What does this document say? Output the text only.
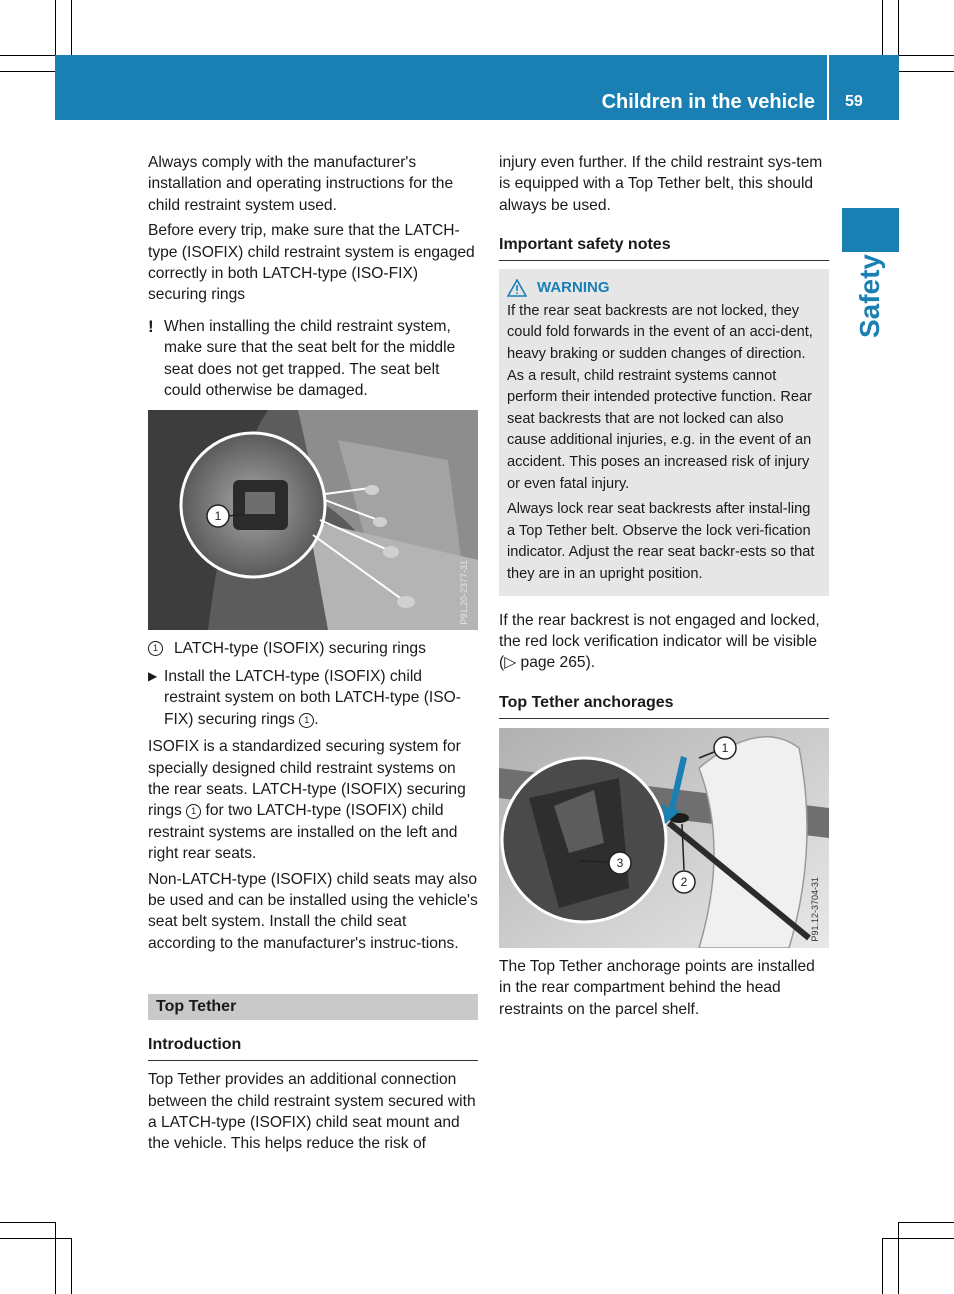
Children in the vehicle 59
Safety

Always comply with the manufacturer's installation and operating instructions for the child restraint system used.

Before every trip, make sure that the LATCH-type (ISOFIX) child restraint system is engaged correctly in both LATCH-type (ISO-FIX) securing rings

! When installing the child restraint system, make sure that the seat belt for the middle seat does not get trapped. The seat belt could otherwise be damaged.
1
P91.20-2377-31
1	LATCH-type (ISOFIX) securing rings
▶ Install the LATCH-type (ISOFIX) child restraint system on both LATCH-type (ISO-FIX) securing rings 1 .

ISOFIX is a standardized securing system for specially designed child restraint systems on the rear seats. LATCH-type (ISOFIX) securing rings 1 for two LATCH-type (ISOFIX) child restraint systems are installed on the left and right rear seats.

Non-LATCH-type (ISOFIX) child seats may also be used and can be installed using the vehicle's seat belt system. Install the child seat according to the manufacturer's instruc-tions.

Top Tether
Introduction

Top Tether provides an additional connection between the child restraint system secured with a LATCH-type (ISOFIX) child seat mount and the vehicle. This helps reduce the risk of

injury even further. If the child restraint sys-tem is equipped with a Top Tether belt, this should always be used.

Important safety notes
WARNING

If the rear seat backrests are not locked, they could fold forwards in the event of an acci-dent, heavy braking or sudden changes of direction. As a result, child restraint systems cannot perform their intended protective function. Rear seat backrests that are not locked can also cause additional injuries, e.g. in the event of an accident. This poses an increased risk of injury or even fatal injury.

Always lock rear seat backrests after instal-ling a Top Tether belt. Observe the lock veri-fication indicator. Adjust the rear seat backr-ests so that they are in an upright position.

If the rear backrest is not engaged and locked, the red lock verification indicator will be visible (▷ page 265).

Top Tether anchorages
1
2
3
P91.12-3704-31

The Top Tether anchorage points are installed in the rear compartment behind the head restraints on the parcel shelf.
